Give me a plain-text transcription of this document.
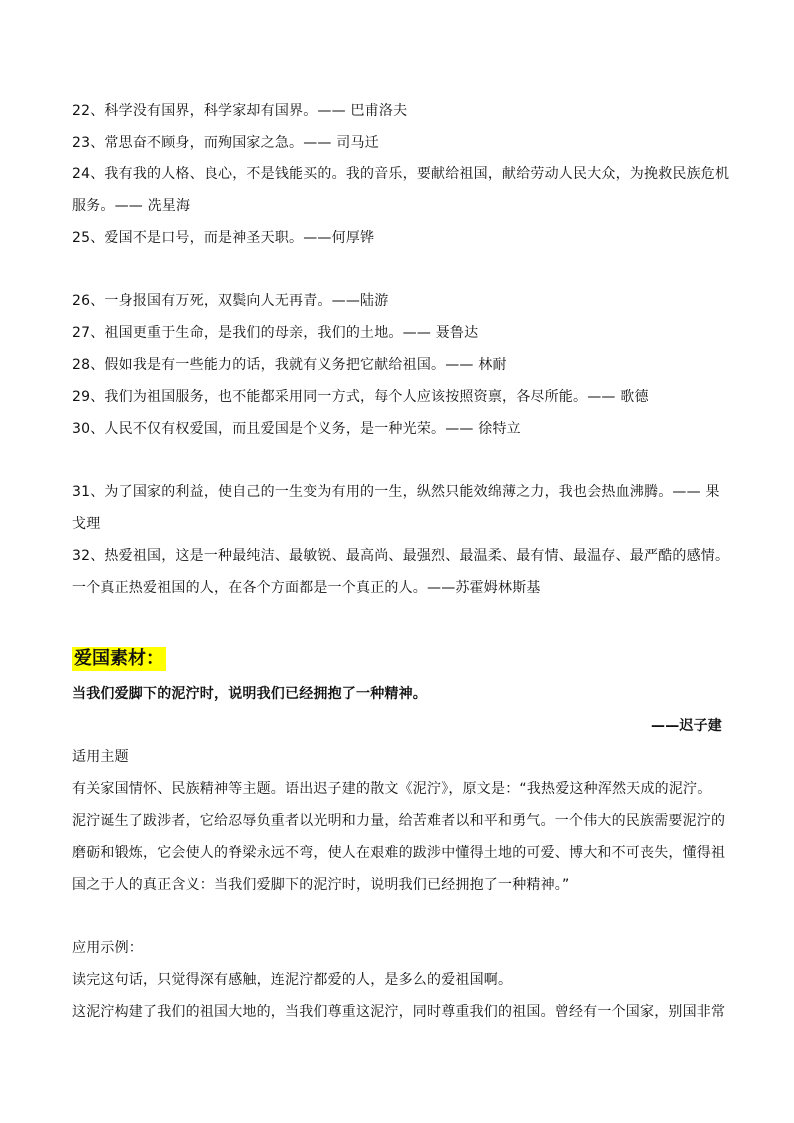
22、科学没有国界，科学家却有国界。—— 巴甫洛夫
23、常思奋不顾身，而殉国家之急。—— 司马迁
24、我有我的人格、良心，不是钱能买的。我的音乐，要献给祖国，献给劳动人民大众，为挽救民族危机
服务。—— 冼星海
25、爱国不是口号，而是神圣天职。——何厚铧
26、一身报国有万死，双鬓向人无再青。——陆游
27、祖国更重于生命，是我们的母亲，我们的土地。—— 聂鲁达
28、假如我是有一些能力的话，我就有义务把它献给祖国。—— 林耐
29、我们为祖国服务，也不能都采用同一方式，每个人应该按照资禀，各尽所能。—— 歌德
30、人民不仅有权爱国，而且爱国是个义务，是一种光荣。—— 徐特立
31、为了国家的利益，使自己的一生变为有用的一生，纵然只能效绵薄之力，我也会热血沸腾。—— 果
戈理
32、热爱祖国，这是一种最纯洁、最敏锐、最高尚、最强烈、最温柔、最有情、最温存、最严酷的感情。
一个真正热爱祖国的人，在各个方面都是一个真正的人。——苏霍姆林斯基
爱国素材：
当我们爱脚下的泥泞时，说明我们已经拥抱了一种精神。
——迟子建
适用主题
有关家国情怀、民族精神等主题。语出迟子建的散文《泥泞》，原文是：“我热爱这种浑然天成的泥泞。
泥泞诞生了跋涉者，它给忍辱负重者以光明和力量，给苦难者以和平和勇气。一个伟大的民族需要泥泞的
磨砺和锻炼，它会使人的脊梁永远不弯，使人在艰难的跋涉中懂得土地的可爱、博大和不可丧失，懂得祖
国之于人的真正含义：当我们爱脚下的泥泞时，说明我们已经拥抱了一种精神。”
应用示例：
读完这句话，只觉得深有感触，连泥泞都爱的人，是多么的爱祖国啊。
这泥泞构建了我们的祖国大地的，当我们尊重这泥泞，同时尊重我们的祖国。曾经有一个国家，别国非常
